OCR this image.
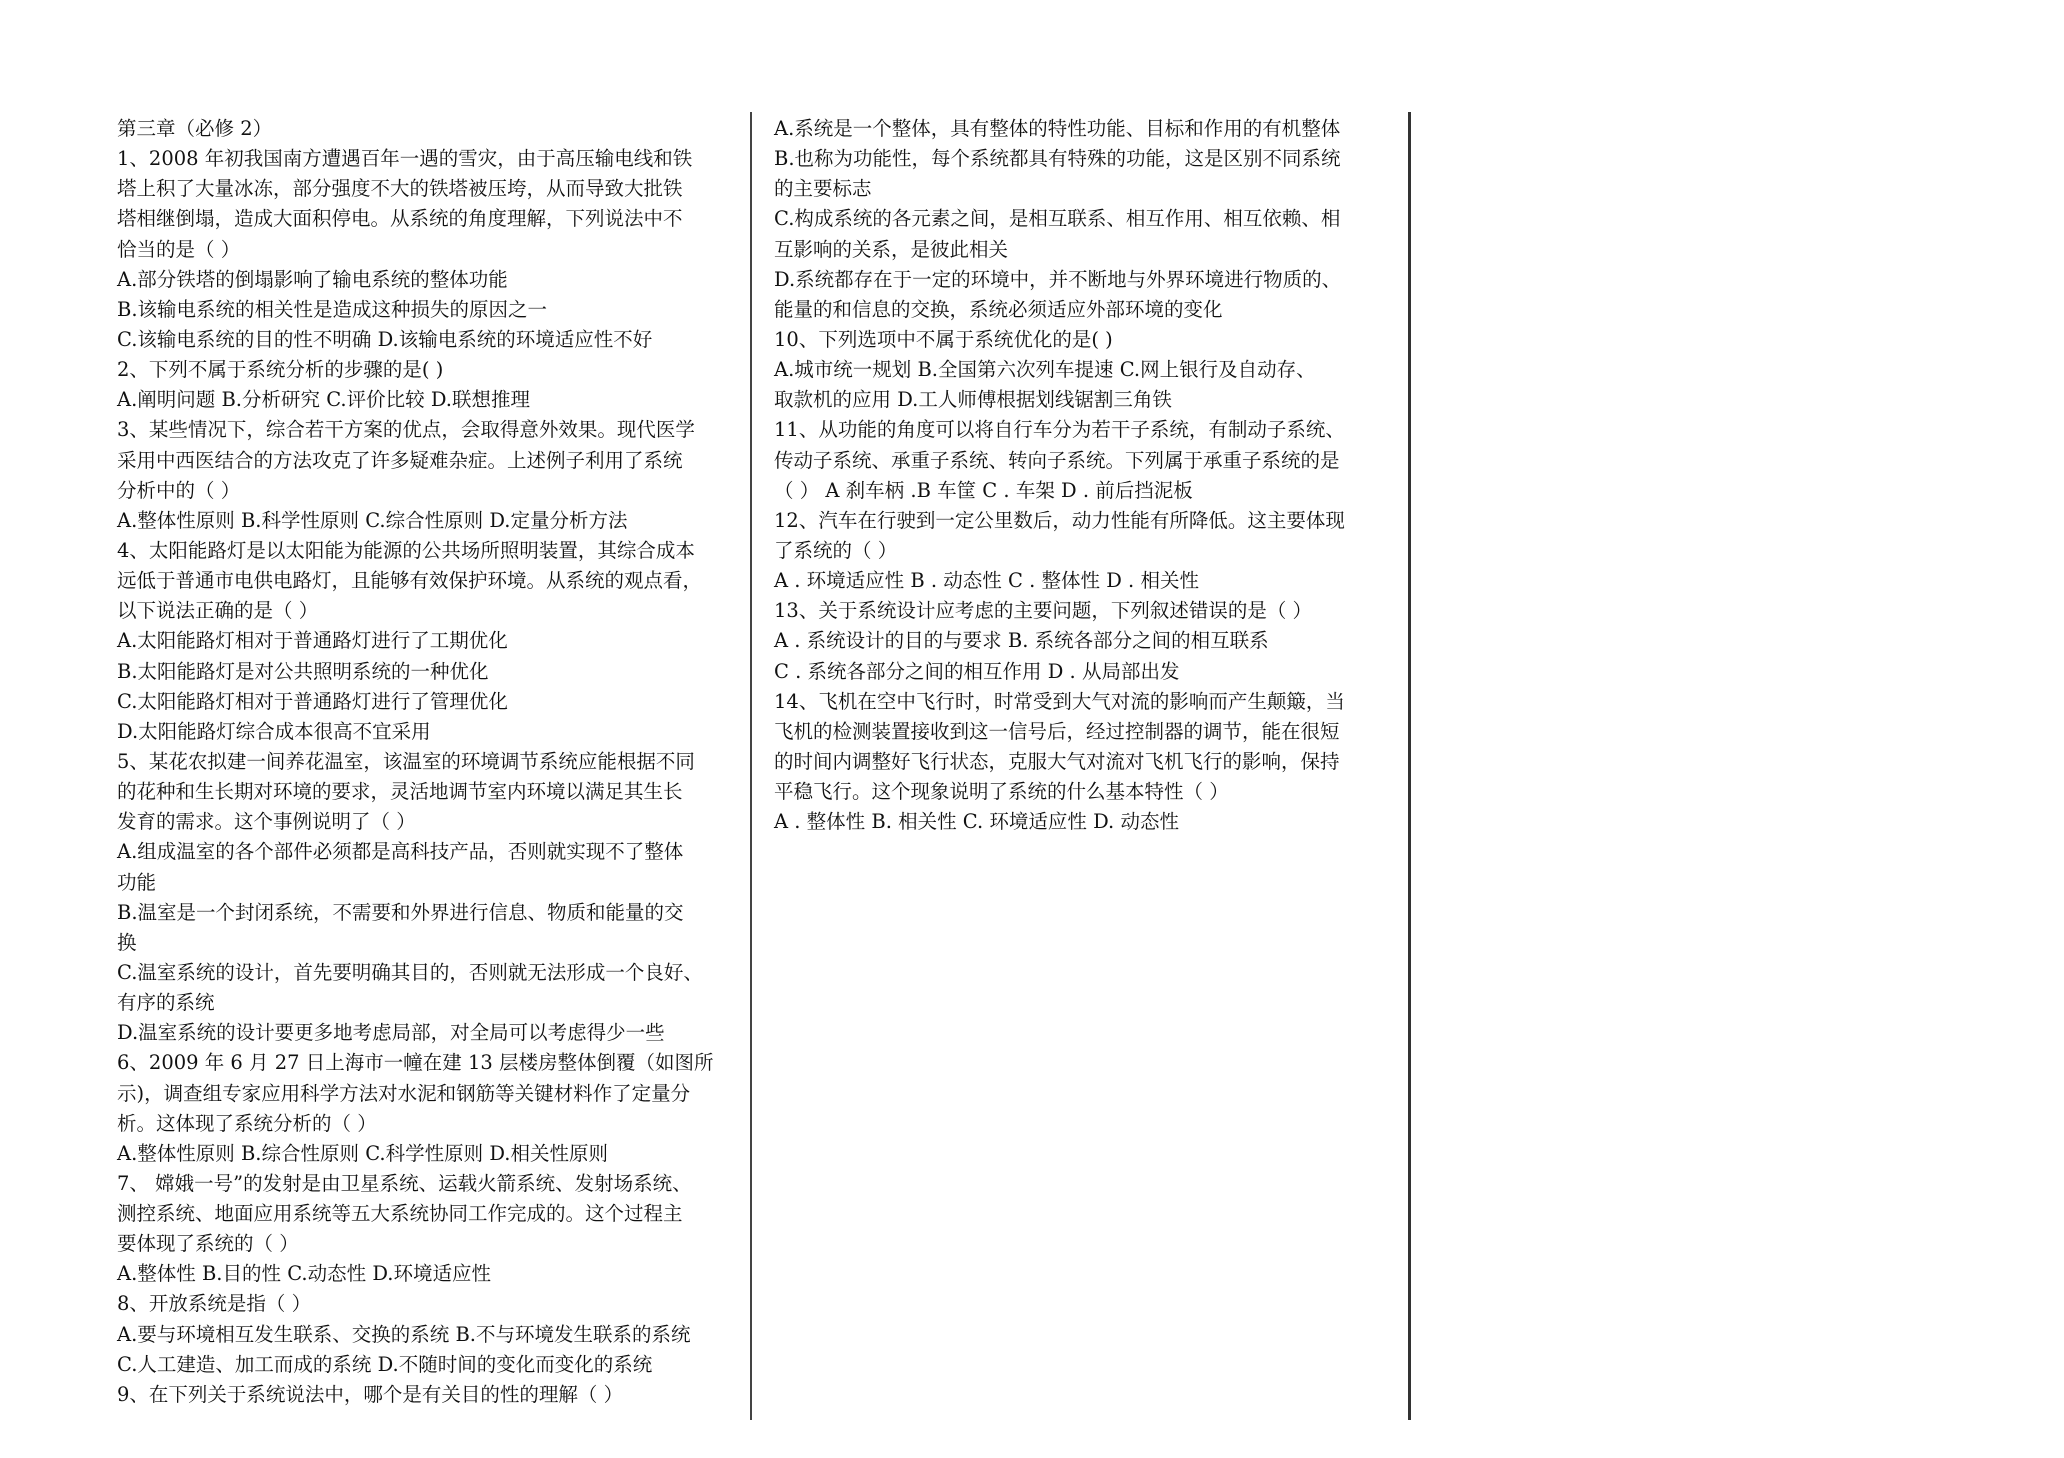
第三章（必修 2）
1、2008 年初我国南方遭遇百年一遇的雪灾，由于高压输电线和铁
塔上积了大量冰冻，部分强度不大的铁塔被压垮，从而导致大批铁
塔相继倒塌，造成大面积停电。从系统的角度理解，下列说法中不
恰当的是（ ）
A.部分铁塔的倒塌影响了输电系统的整体功能
B.该输电系统的相关性是造成这种损失的原因之一
C.该输电系统的目的性不明确 D.该输电系统的环境适应性不好
2、下列不属于系统分析的步骤的是( )
A.阐明问题 B.分析研究 C.评价比较 D.联想推理
3、某些情况下，综合若干方案的优点，会取得意外效果。现代医学
采用中西医结合的方法攻克了许多疑难杂症。上述例子利用了系统
分析中的（ ）
A.整体性原则 B.科学性原则 C.综合性原则 D.定量分析方法
4、太阳能路灯是以太阳能为能源的公共场所照明装置，其综合成本
远低于普通市电供电路灯，且能够有效保护环境。从系统的观点看，
以下说法正确的是（ ）
A.太阳能路灯相对于普通路灯进行了工期优化
B.太阳能路灯是对公共照明系统的一种优化
C.太阳能路灯相对于普通路灯进行了管理优化
D.太阳能路灯综合成本很高不宜采用
5、某花农拟建一间养花温室，该温室的环境调节系统应能根据不同
的花种和生长期对环境的要求，灵活地调节室内环境以满足其生长
发育的需求。这个事例说明了（ ）
A.组成温室的各个部件必须都是高科技产品，否则就实现不了整体
功能
B.温室是一个封闭系统，不需要和外界进行信息、物质和能量的交
换
C.温室系统的设计，首先要明确其目的，否则就无法形成一个良好、
有序的系统
D.温室系统的设计要更多地考虑局部，对全局可以考虑得少一些
6、2009 年 6 月 27 日上海市一幢在建 13 层楼房整体倒覆（如图所
示)，调查组专家应用科学方法对水泥和钢筋等关键材料作了定量分
析。这体现了系统分析的（ ）
A.整体性原则 B.综合性原则 C.科学性原则 D.相关性原则
7、 嫦娥一号”的发射是由卫星系统、运载火箭系统、发射场系统、
测控系统、地面应用系统等五大系统协同工作完成的。这个过程主
要体现了系统的（ ）
A.整体性 B.目的性 C.动态性 D.环境适应性
8、开放系统是指（ ）
A.要与环境相互发生联系、交换的系统 B.不与环境发生联系的系统
C.人工建造、加工而成的系统 D.不随时间的变化而变化的系统
9、在下列关于系统说法中，哪个是有关目的性的理解（ ）
A.系统是一个整体，具有整体的特性功能、目标和作用的有机整体
B.也称为功能性，每个系统都具有特殊的功能，这是区别不同系统
的主要标志
C.构成系统的各元素之间，是相互联系、相互作用、相互依赖、相
互影响的关系，是彼此相关
D.系统都存在于一定的环境中，并不断地与外界环境进行物质的、
能量的和信息的交换，系统必须适应外部环境的变化
10、下列选项中不属于系统优化的是( )
A.城市统一规划 B.全国第六次列车提速 C.网上银行及自动存、
取款机的应用 D.工人师傅根据划线锯割三角铁
11、从功能的角度可以将自行车分为若干子系统，有制动子系统、
传动子系统、承重子系统、转向子系统。下列属于承重子系统的是
（ ） A 刹车柄 .B 车筐 C . 车架 D . 前后挡泥板
12、汽车在行驶到一定公里数后，动力性能有所降低。这主要体现
了系统的（ ）
A . 环境适应性 B . 动态性 C . 整体性 D . 相关性
13、关于系统设计应考虑的主要问题，下列叙述错误的是（ ）
A . 系统设计的目的与要求 B. 系统各部分之间的相互联系
C . 系统各部分之间的相互作用 D . 从局部出发
14、飞机在空中飞行时，时常受到大气对流的影响而产生颠簸，当
飞机的检测装置接收到这一信号后，经过控制器的调节，能在很短
的时间内调整好飞行状态，克服大气对流对飞机飞行的影响，保持
平稳飞行。这个现象说明了系统的什么基本特性（ ）
A . 整体性 B. 相关性 C. 环境适应性 D. 动态性
